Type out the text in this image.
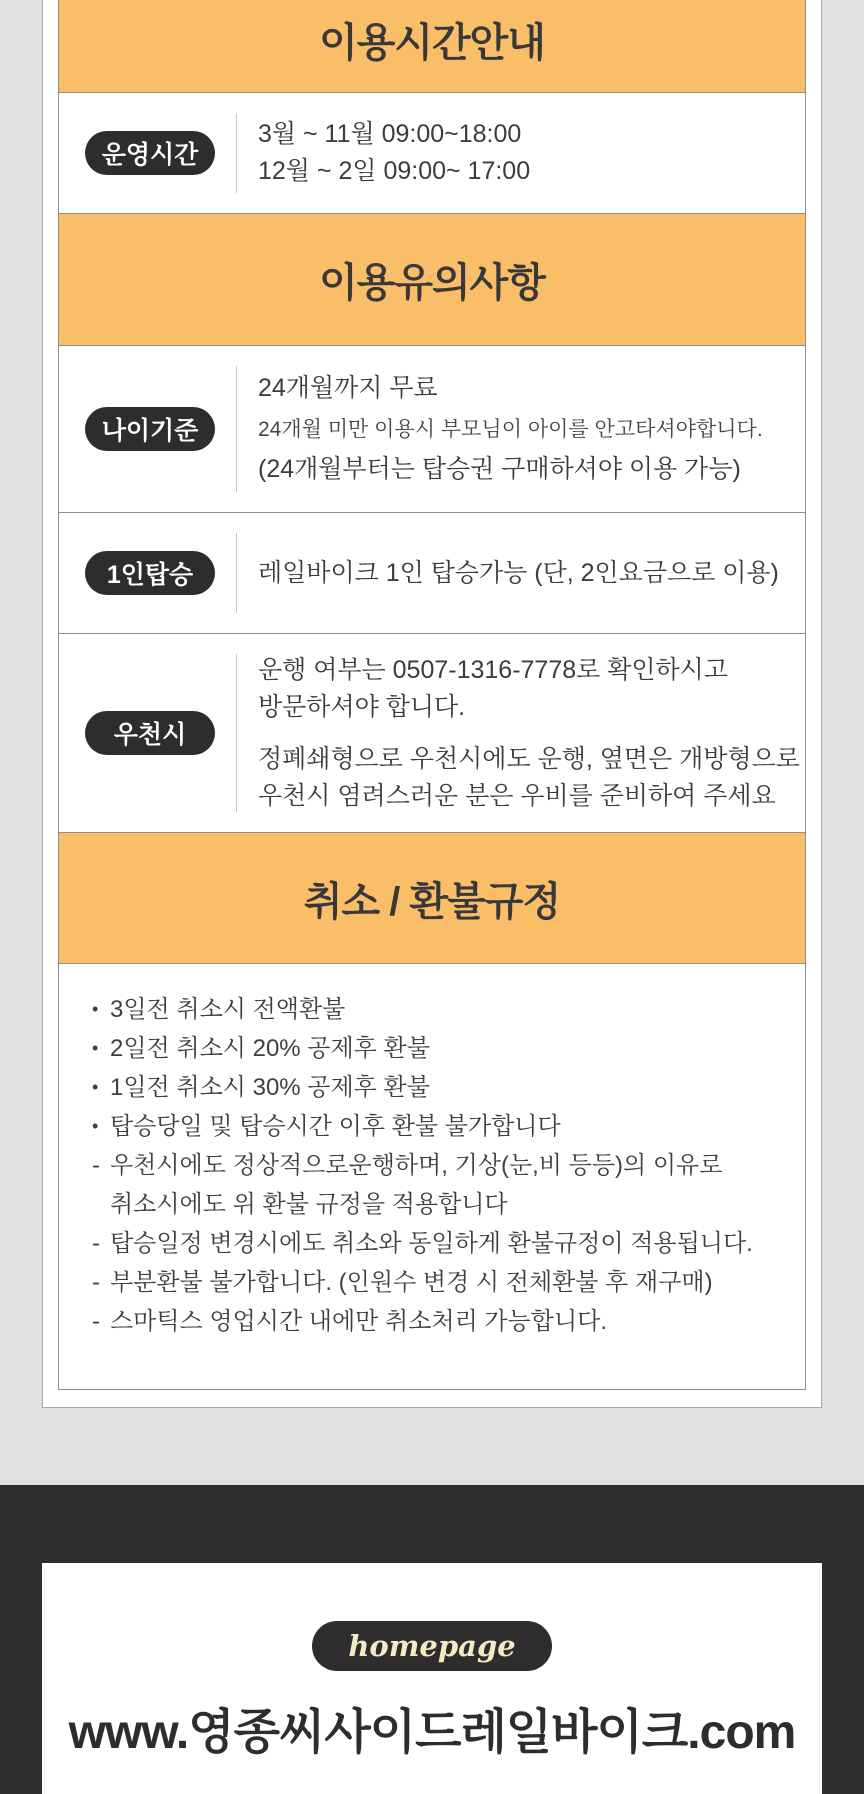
이용시간안내
운영시간
3월 ~ 11월 09:00~18:00
12월 ~ 2일 09:00~ 17:00
이용유의사항
나이기준
24개월까지 무료
24개월 미만 이용시 부모님이 아이를 안고타셔야합니다.
(24개월부터는 탑승권 구매하셔야 이용 가능)
1인탑승	레일바이크 1인 탑승가능 (단, 2인요금으로 이용)
우천시
운행 여부는 0507-1316-7778로 확인하시고
방문하셔야 합니다.
정폐쇄형으로 우천시에도 운행, 옆면은 개방형으로
우천시 염려스러운 분은 우비를 준비하여 주세요
취소 / 환불규정
• 3일전 취소시 전액환불
• 2일전 취소시 20% 공제후 환불
• 1일전 취소시 30% 공제후 환불
• 탑승당일 및 탑승시간 이후 환불 불가합니다
- 우천시에도 정상적으로운행하며, 기상(눈,비 등등)의 이유로
취소시에도 위 환불 규정을 적용합니다
- 탑승일정 변경시에도 취소와 동일하게 환불규정이 적용됩니다.
- 부분환불 불가합니다. (인원수 변경 시 전체환불 후 재구매)
- 스마틱스 영업시간 내에만 취소처리 가능합니다.
homepage
www.영종씨사이드레일바이크.com
